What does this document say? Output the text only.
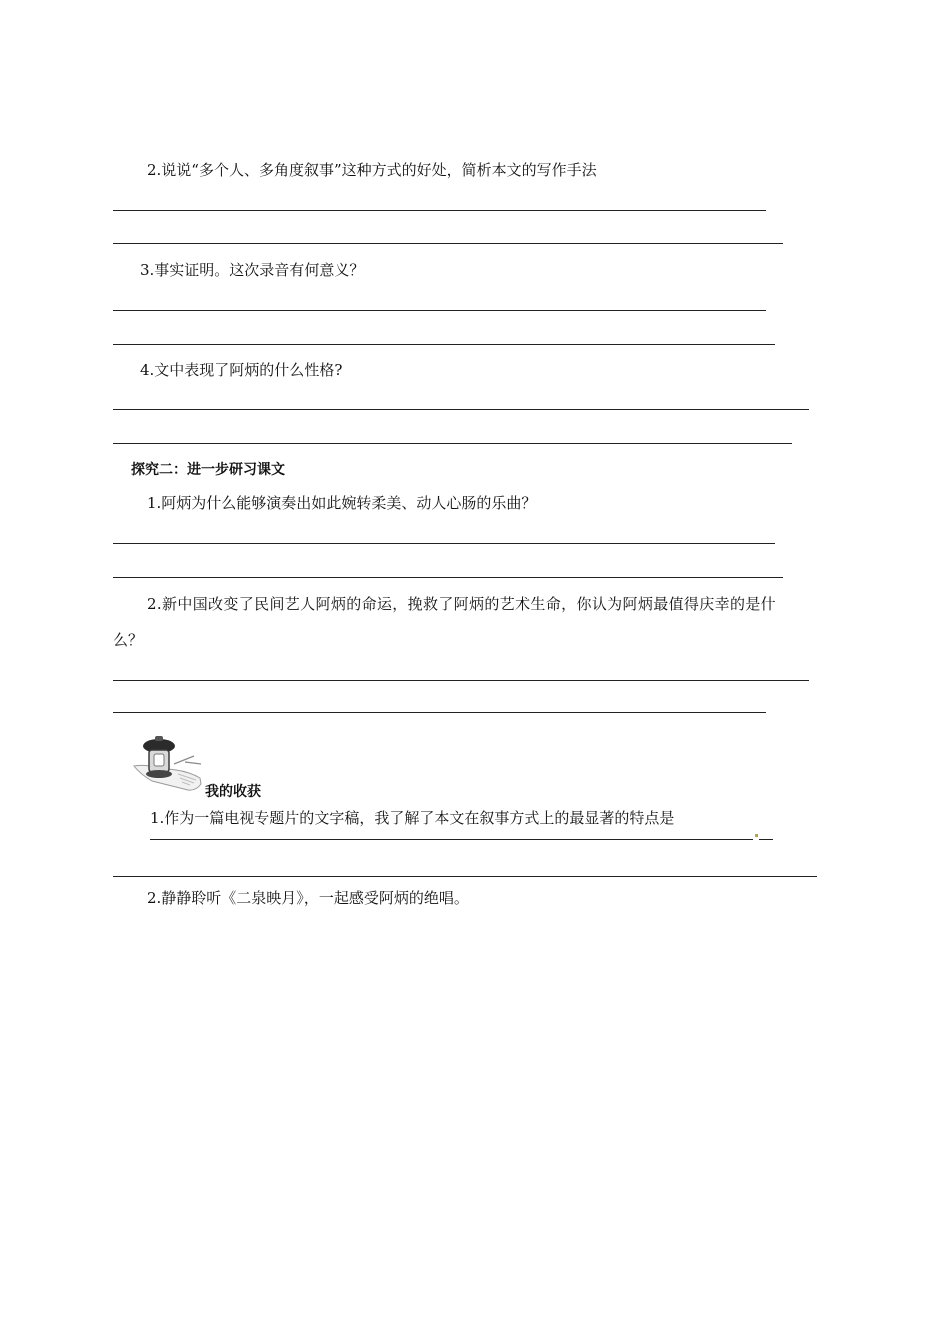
2.说说“多个人、多角度叙事”这种方式的好处，简析本文的写作手法
3.事实证明。这次录音有何意义？
4.文中表现了阿炳的什么性格?
探究二：进一步研习课文
1.阿炳为什么能够演奏出如此婉转柔美、动人心肠的乐曲？
2.新中国改变了民间艺人阿炳的命运，挽救了阿炳的艺术生命，你认为阿炳最值得庆幸的是什
么？
我的收获
1.作为一篇电视专题片的文字稿，我了解了本文在叙事方式上的最显著的特点是
2.静静聆听《二泉映月》，一起感受阿炳的绝唱。
